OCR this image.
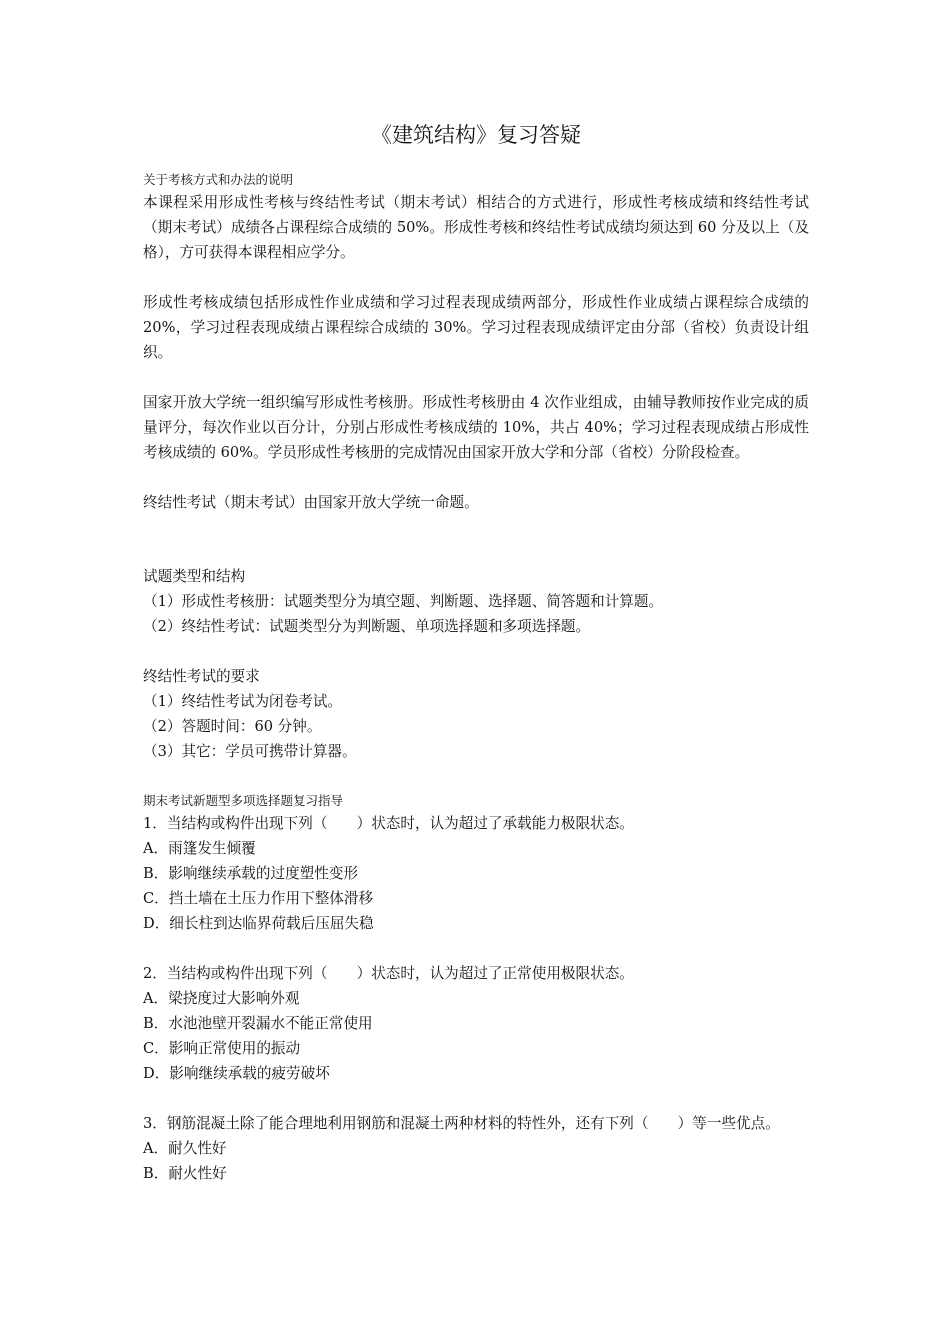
《建筑结构》复习答疑

关于考核方式和办法的说明

本课程采用形成性考核与终结性考试（期末考试）相结合的方式进行，形成性考核成绩和终结性考试（期末考试）成绩各占课程综合成绩的 50%。形成性考核和终结性考试成绩均须达到 60 分及以上（及格），方可获得本课程相应学分。

形成性考核成绩包括形成性作业成绩和学习过程表现成绩两部分，形成性作业成绩占课程综合成绩的 20%，学习过程表现成绩占课程综合成绩的 30%。学习过程表现成绩评定由分部（省校）负责设计组织。

国家开放大学统一组织编写形成性考核册。形成性考核册由 4 次作业组成，由辅导教师按作业完成的质量评分，每次作业以百分计，分别占形成性考核成绩的 10%，共占 40%；学习过程表现成绩占形成性考核成绩的 60%。学员形成性考核册的完成情况由国家开放大学和分部（省校）分阶段检查。

终结性考试（期末考试）由国家开放大学统一命题。

试题类型和结构

（1）形成性考核册：试题类型分为填空题、判断题、选择题、简答题和计算题。

（2）终结性考试：试题类型分为判断题、单项选择题和多项选择题。

终结性考试的要求

（1）终结性考试为闭卷考试。

（2）答题时间：60 分钟。

（3）其它：学员可携带计算器。

期末考试新题型多项选择题复习指导

1．当结构或构件出现下列（　　）状态时，认为超过了承载能力极限状态。

A．雨篷发生倾覆

B．影响继续承载的过度塑性变形

C．挡土墙在土压力作用下整体滑移

D．细长柱到达临界荷载后压屈失稳

2．当结构或构件出现下列（　　）状态时，认为超过了正常使用极限状态。

A．梁挠度过大影响外观

B．水池池壁开裂漏水不能正常使用

C．影响正常使用的振动

D．影响继续承载的疲劳破坏

3．钢筋混凝土除了能合理地利用钢筋和混凝土两种材料的特性外，还有下列（　　）等一些优点。

A．耐久性好

B．耐火性好
